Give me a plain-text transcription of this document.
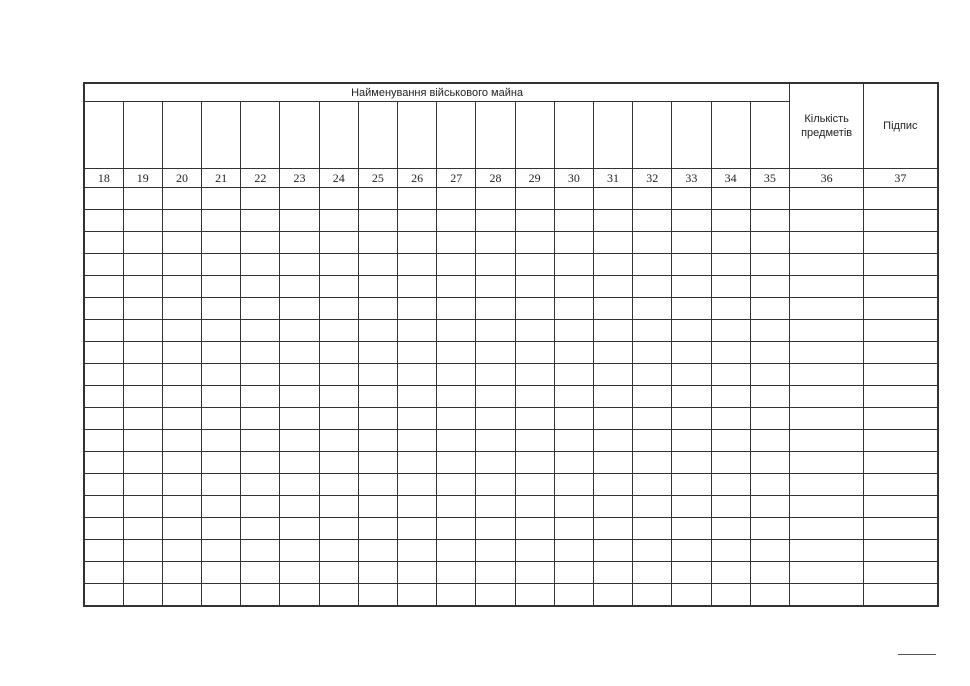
Найменування військового майна																		Кількість предметів	Підпис

18	19	20	21	22	23	24	25	26	27	28	29	30	31	32	33	34	35	36	37
